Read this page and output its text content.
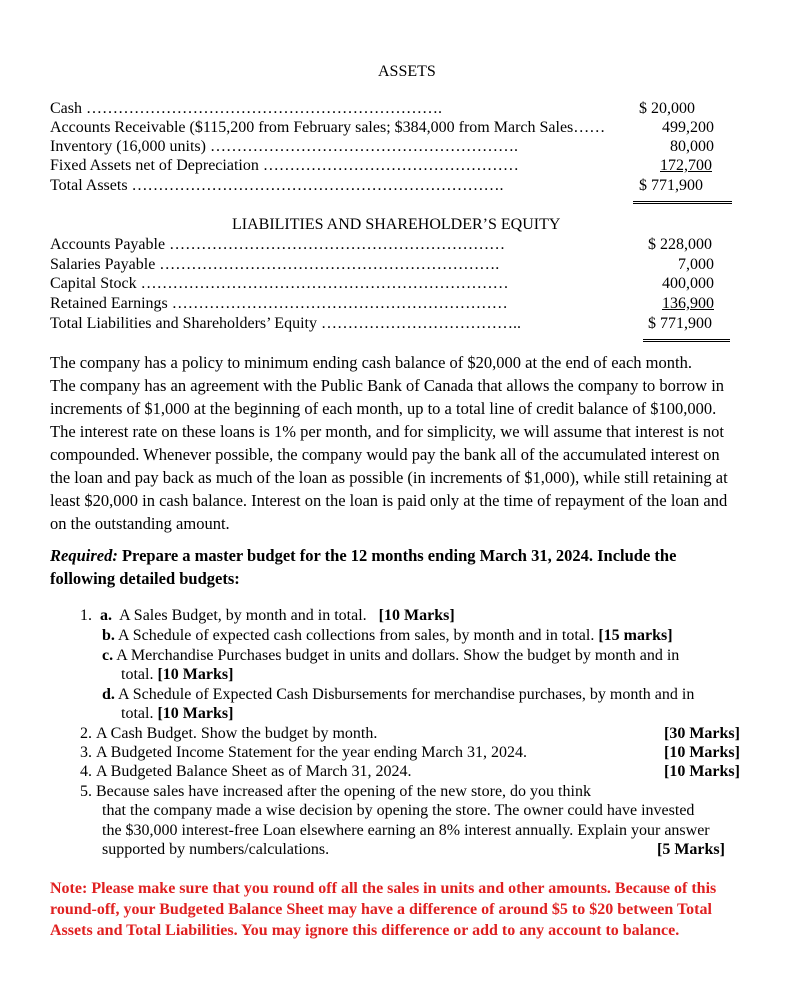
ASSETS
Cash ………………………………………………………….	$ 20,000
Accounts Receivable ($115,200 from February sales; $384,000 from March Sales……	499,200
Inventory (16,000 units) ………………………………………………….	80,000
Fixed Assets net of Depreciation …………………………………………	172,700
Total Assets …………………………………………………………….	$ 771,900
LIABILITIES AND SHAREHOLDER’S EQUITY
Accounts Payable ………………………………………………………	$ 228,000
Salaries Payable ……………………………………………………….	7,000
Capital Stock ……………………………………………………………	400,000
Retained Earnings ………………………………………………………	136,900
Total Liabilities and Shareholders’ Equity ………………………………..	$ 771,900
The company has a policy to minimum ending cash balance of $20,000 at the end of each month.
The company has an agreement with the Public Bank of Canada that allows the company to borrow in
increments of $1,000 at the beginning of each month, up to a total line of credit balance of $100,000.
The interest rate on these loans is 1% per month, and for simplicity, we will assume that interest is not
compounded. Whenever possible, the company would pay the bank all of the accumulated interest on
the loan and pay back as much of the loan as possible (in increments of $1,000), while still retaining at
least $20,000 in cash balance. Interest on the loan is paid only at the time of repayment of the loan and
on the outstanding amount.
Required: Prepare a master budget for the 12 months ending March 31, 2024. Include the
following detailed budgets:
1. a. A Sales Budget, by month and in total. [10 Marks]
b. A Schedule of expected cash collections from sales, by month and in total. [15 marks]
c. A Merchandise Purchases budget in units and dollars. Show the budget by month and in
total. [10 Marks]
d. A Schedule of Expected Cash Disbursements for merchandise purchases, by month and in
total. [10 Marks]
2. A Cash Budget. Show the budget by month.	[30 Marks]
3. A Budgeted Income Statement for the year ending March 31, 2024.	[10 Marks]
4. A Budgeted Balance Sheet as of March 31, 2024.	[10 Marks]
5. Because sales have increased after the opening of the new store, do you think
that the company made a wise decision by opening the store. The owner could have invested
the $30,000 interest-free Loan elsewhere earning an 8% interest annually. Explain your answer
supported by numbers/calculations.	[5 Marks]
Note: Please make sure that you round off all the sales in units and other amounts. Because of this
round-off, your Budgeted Balance Sheet may have a difference of around $5 to $20 between Total
Assets and Total Liabilities. You may ignore this difference or add to any account to balance.
